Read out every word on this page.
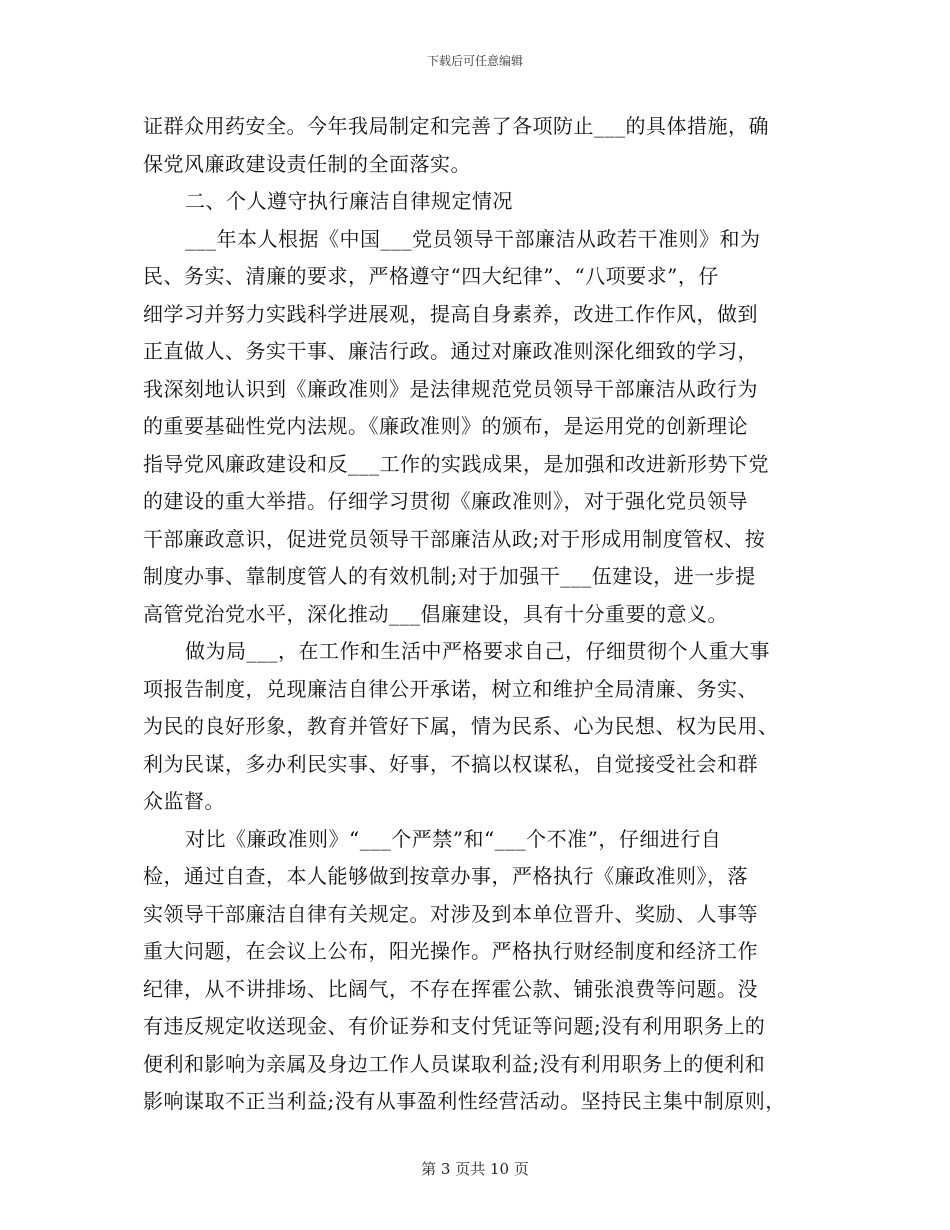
下载后可任意编辑
证群众用药安全。今年我局制定和完善了各项防止___的具体措施，确
保党风廉政建设责任制的全面落实。
二、个人遵守执行廉洁自律规定情况
___年本人根据《中国___党员领导干部廉洁从政若干准则》和为
民、务实、清廉的要求，严格遵守“四大纪律”、“八项要求”，仔
细学习并努力实践科学进展观，提高自身素养，改进工作作风，做到
正直做人、务实干事、廉洁行政。通过对廉政准则深化细致的学习，
我深刻地认识到《廉政准则》是法律规范党员领导干部廉洁从政行为
的重要基础性党内法规。《廉政准则》的颁布，是运用党的创新理论
指导党风廉政建设和反___工作的实践成果，是加强和改进新形势下党
的建设的重大举措。仔细学习贯彻《廉政准则》，对于强化党员领导
干部廉政意识，促进党员领导干部廉洁从政;对于形成用制度管权、按
制度办事、靠制度管人的有效机制;对于加强干___伍建设，进一步提
高管党治党水平，深化推动___倡廉建设，具有十分重要的意义。
做为局___，在工作和生活中严格要求自己，仔细贯彻个人重大事
项报告制度，兑现廉洁自律公开承诺，树立和维护全局清廉、务实、
为民的良好形象，教育并管好下属，情为民系、心为民想、权为民用、
利为民谋，多办利民实事、好事，不搞以权谋私，自觉接受社会和群
众监督。
对比《廉政准则》“___个严禁”和“___个不准”，仔细进行自
检，通过自查，本人能够做到按章办事，严格执行《廉政准则》，落
实领导干部廉洁自律有关规定。对涉及到本单位晋升、奖励、人事等
重大问题，在会议上公布，阳光操作。严格执行财经制度和经济工作
纪律，从不讲排场、比阔气，不存在挥霍公款、铺张浪费等问题。没
有违反规定收送现金、有价证券和支付凭证等问题;没有利用职务上的
便利和影响为亲属及身边工作人员谋取利益;没有利用职务上的便利和
影响谋取不正当利益;没有从事盈利性经营活动。坚持民主集中制原则，
第 3 页共 10 页
